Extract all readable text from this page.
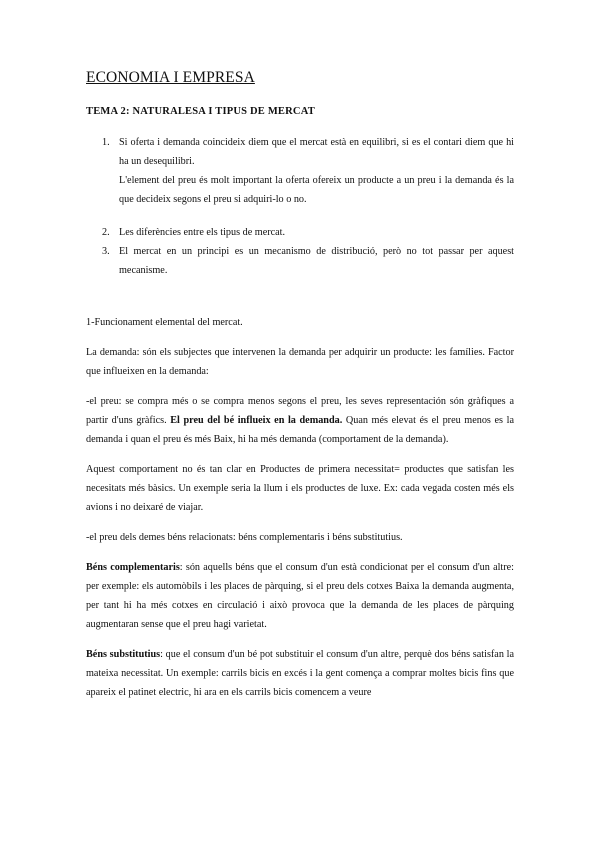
ECONOMIA I EMPRESA
TEMA 2: NATURALESA I TIPUS DE MERCAT
1. Si oferta i demanda coincideix diem que el mercat està en equilibri, si es el contari diem que hi ha un desequilibri.
L'element del preu és molt important la oferta ofereix un producte a un preu i la demanda és la que decideix segons el preu si adquiri-lo o no.
2. Les diferències entre els tipus de mercat.
3. El mercat en un principi es un mecanismo de distribució, però no tot passar per aquest mecanisme.

1-Funcionament elemental del mercat.

La demanda: són els subjectes que intervenen la demanda per adquirir un producte: les famílies. Factor que influeixen en la demanda:

-el preu: se compra més o se compra menos segons el preu, les seves representación són gràfiques a partir d'uns gràfics. El preu del bé influeix en la demanda. Quan més elevat és el preu menos es la demanda i quan el preu és més Baix, hi ha més demanda (comportament de la demanda).

Aquest comportament no és tan clar en Productes de primera necessitat= productes que satisfan les necesitats més bàsics. Un exemple seria la llum i els productes de luxe. Ex: cada vegada costen més els avions i no deixaré de viajar.

-el preu dels demes béns relacionats: béns complementaris i béns substitutius.

Béns complementaris: són aquells béns que el consum d'un està condicionat per el consum d'un altre: per exemple: els automòbils i les places de pàrquing, si el preu dels cotxes Baixa la demanda augmenta, per tant hi ha més cotxes en circulació i això provoca que la demanda de les places de pàrquing augmentaran sense que el preu hagi varietat.

Béns substitutius: que el consum d'un bé pot substituir el consum d'un altre, perquè dos béns satisfan la mateixa necessitat. Un exemple: carrils bicis en excés i la gent comença a comprar moltes bicis fins que apareix el patinet electric, hi ara en els carrils bicis comencem a veure
